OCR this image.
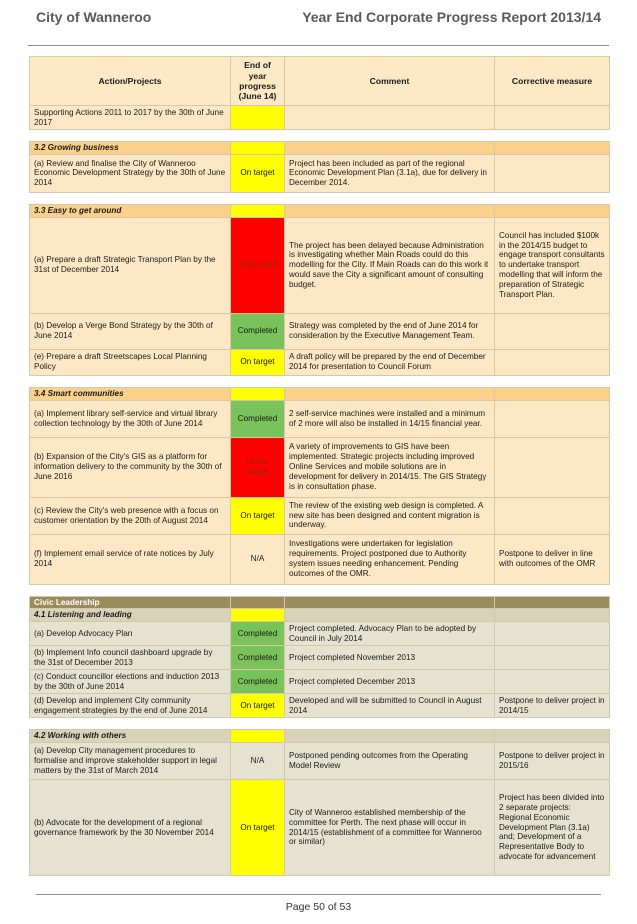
City of Wanneroo	Year End Corporate Progress Report 2013/14
Action/Projects	End of year progress (June 14)	Comment	Corrective measure
Supporting Actions 2011 to 2017 by the 30th of June 2017			

3.2 Growing business			
(a) Review and finalise the City of Wanneroo Economic Development Strategy by the 30th of June 2014	On target	Project has been included as part of the regional Economic Development Plan (3.1a), due for delivery in December 2014.	

3.3 Easy to get around			
(a) Prepare a draft Strategic Transport Plan by the 31st of December 2014	Under taret	The project has been delayed because Administration is investigating whether Main Roads could do this modelling for the City. If Main Roads can do this work it would save the City a significant amount of consulting budget.	Council has included $100k in the 2014/15 budget to engage transport consultants to undertake transport modelling that will inform the preparation of Strategic Transport Plan.
(b) Develop a Verge Bond Strategy by the 30th of June 2014	Completed	Strategy was completed by the end of June 2014 for consideration by the Executive Management Team.	
(e) Prepare a draft Streetscapes Local Planning Policy	On target	A draft policy will be prepared by the end of December 2014 for presentation to Council Forum	

3.4 Smart communities			
(a) Implement library self-service and virtual library collection technology by the 30th of June 2014	Completed	2 self-service machines were installed and a minimum of 2 more will also be installed in 14/15 financial year.	
(b) Expansion of the City's GIS as a platform for information delivery to the community by the 30th of June 2016	Under target	A variety of improvements to GIS have been implemented. Strategic projects including improved Online Services and mobile solutions are in development for delivery in 2014/15. The GIS Strategy is in consultation phase.	
(c) Review the City's web presence with a focus on customer orientation by the 20th of August 2014	On target	The review of the existing web design is completed. A new site has been designed and content migration is underway.	
(f) Implement email service of rate notices by July 2014	N/A	Investigations were undertaken for legislation requirements. Project postponed due to Authority system issues needing enhancement. Pending outcomes of the OMR.	Postpone to deliver in line with outcomes of the OMR

Civic Leadership			
4.1 Listening and leading			
(a) Develop Advocacy Plan	Completed	Project completed. Advocacy Plan to be adopted by Council in July 2014	
(b) Implement Info council dashboard upgrade by the 31st of December 2013	Completed	Project completed November 2013	
(c) Conduct councillor elections and induction 2013 by the 30th of June 2014	Completed	Project completed December 2013	
(d) Develop and implement City community engagement strategies by the end of June 2014	On target	Developed and will be submitted to Council in August 2014	Postpone to deliver project in 2014/15

4.2 Working with others			
(a) Develop City management procedures to formalise and improve stakeholder support in legal matters by the 31st of March 2014	N/A	Postponed pending outcomes from the Operating Model Review	Postpone to deliver project in 2015/16
(b) Advocate for the development of a regional governance framework by the 30 November 2014	On target	City of Wanneroo established membership of the committee for Perth. The next phase will occur in 2014/15 (establishment of a committee for Wanneroo or similar)	Project has been divided into 2 separate projects: Regional Economic Development Plan (3.1a) and; Development of a Representative Body to advocate for advancement
Page 50 of 53
